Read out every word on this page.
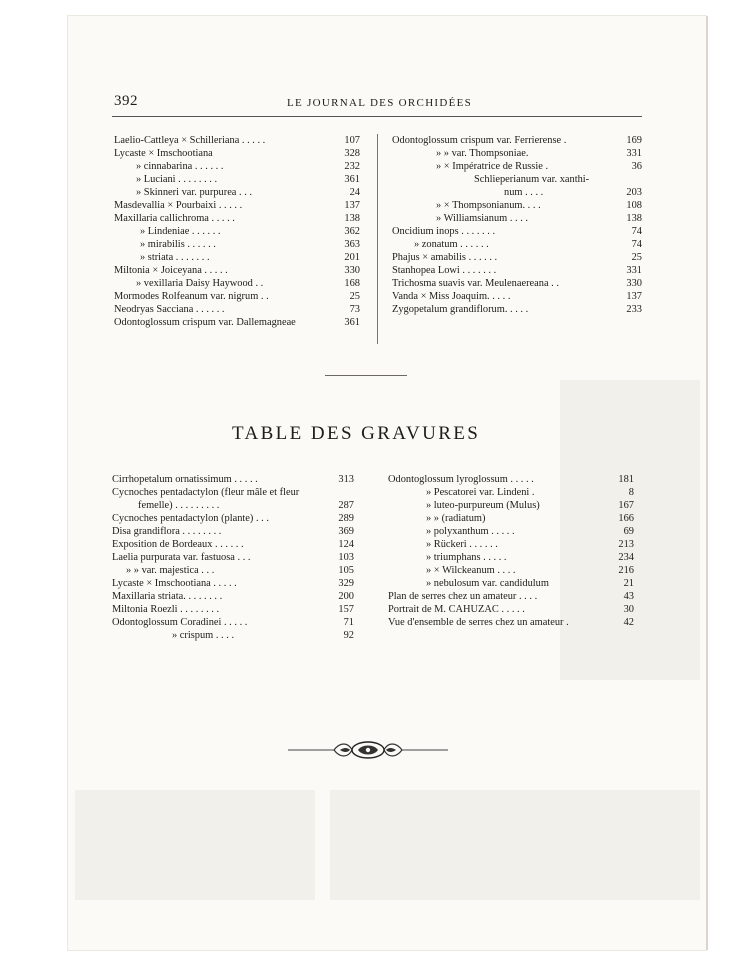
392	LE JOURNAL DES ORCHIDÉES
Laelio-Cattleya × Schilleriana . . . . .	107
Lycaste × Imschootiana	328
» cinnabarina . . . . . .	232
» Luciani . . . . . . . .	361
» Skinneri var. purpurea . . .	24
Masdevallia × Pourbaixi . . . . .	137
Maxillaria callichroma . . . . .	138
» Lindeniae . . . . . .	362
» mirabilis . . . . . .	363
» striata . . . . . . .	201
Miltonia × Joiceyana . . . . .	330
» vexillaria Daisy Haywood . .	168
Mormodes Rolfeanum var. nigrum . .	25
Neodryas Sacciana . . . . . .	73
Odontoglossum crispum var. Dallemagneae	361
Odontoglossum crispum var. Ferrierense .	169
» » var. Thompsoniae.	331
» × Impératrice de Russie .	36
Schlieperianum var. xanthi-
num . . . .	203
» × Thompsonianum. . . .	108
» Williamsianum . . . .	138
Oncidium inops . . . . . . .	74
» zonatum . . . . . .	74
Phajus × amabilis . . . . . .	25
Stanhopea Lowi . . . . . . .	331
Trichosma suavis var. Meulenaereana . .	330
Vanda × Miss Joaquim. . . . .	137
Zygopetalum grandiflorum. . . . .	233
TABLE DES GRAVURES
Cirrhopetalum ornatissimum . . . . .	313
Cycnoches pentadactylon (fleur mâle et fleur
femelle) . . . . . . . . .	287
Cycnoches pentadactylon (plante) . . .	289
Disa grandiflora . . . . . . . .	369
Exposition de Bordeaux . . . . . .	124
Laelia purpurata var. fastuosa . . .	103
» » var. majestica . . .	105
Lycaste × Imschootiana . . . . .	329
Maxillaria striata. . . . . . . .	200
Miltonia Roezli . . . . . . . .	157
Odontoglossum Coradinei . . . . .	71
» crispum . . . .	92
Odontoglossum lyroglossum . . . . .	181
» Pescatorei var. Lindeni .	8
» luteo-purpureum (Mulus)	167
» » (radiatum)	166
» polyxanthum . . . . .	69
» Rückeri . . . . . .	213
» triumphans . . . . .	234
» × Wilckeanum . . . .	216
» nebulosum var. candidulum	21
Plan de serres chez un amateur . . . .	43
Portrait de M. CAHUZAC . . . . .	30
Vue d'ensemble de serres chez un amateur .	42
